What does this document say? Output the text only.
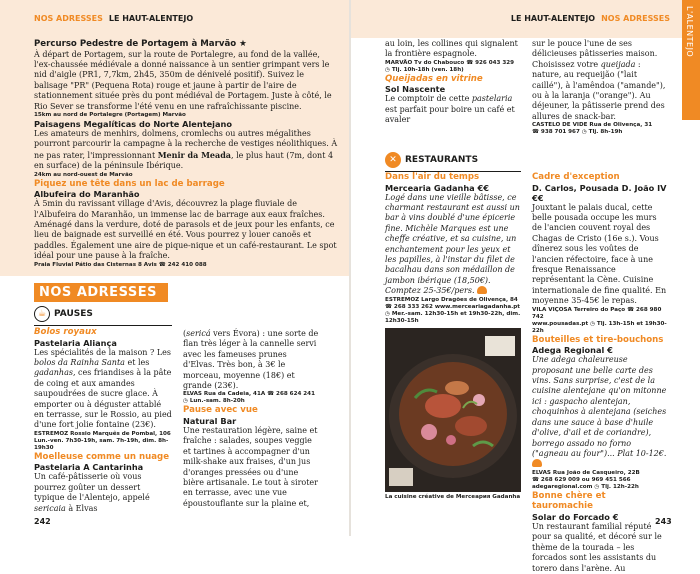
L'ALENTEJO
NOS ADRESSES LE HAUT-ALENTEJO	LE HAUT-ALENTEJO NOS ADRESSES

Percurso Pedestre de Portagem à Marvão ★

À départ de Portagem, sur la route de Portalegre, au fond de la vallée, l'ex-chaussée médiévale a donné naissance à un sentier grimpant vers le nid d'aigle (PR1, 7,7km, 2h45, 350m de dénivelé positif). Suivez le balisage "PR" (Pequena Rota) rouge et jaune à partir de l'aire de stationnement située près du pont médiéval de Portagem. Juste à côté, le Rio Sever se transforme l'été venu en une rafraîchissante piscine.

15km au nord de Portalegre (Portagem) Marvão

Paisagens Megalíticas do Norte Alentejano

Les amateurs de menhirs, dolmens, cromlechs ou autres mégalithes pourront parcourir la campagne à la recherche de vestiges néolithiques. À ne pas rater, l'impressionnant Menir da Meada, le plus haut (7m, dont 4 en surface) de la péninsule Ibérique.

24km au nord-ouest de Marvão

Piquez une tête dans un lac de barrage

Albufeira do Maranhão

À 5min du ravissant village d'Avis, découvrez la plage fluviale de l'Albufeira do Maranhão, un immense lac de barrage aux eaux fraîches. Aménagé dans la verdure, doté de parasols et de jeux pour les enfants, ce lieu de baignade est surveillé en été. Vous pourrez y louer canoës et paddles. Également une aire de pique-nique et un café-restaurant. Le spot idéal pour une pause à la fraîche.

Praia Fluvial Pátio das Cisternas 8 Avis ☎ 242 410 088

NOS ADRESSES
☕ PAUSES

Bolos royaux

Pastelaria Aliança

Les spécialités de la maison ? Les bolos da Rainha Santa et les gadanhas, ces friandises à la pâte de coing et aux amandes saupoudrées de sucre glace. À emporter ou à déguster attablé en terrasse, sur le Rossio, au pied d'une fort jolie fontaine (23€).

ESTREMOZ Rossio Marquês de Pombal, 106

Lun.-ven. 7h30-19h, sam. 7h-19h, dim. 8h-19h30

Moelleuse comme un nuage

Pastelaria A Cantarinha

Un café-pâtisserie où vous pourrez goûter un dessert typique de l'Alentejo, appelé sericaia à Elvas

(sericá vers Évora) : une sorte de flan très léger à la cannelle servi avec les fameuses prunes d'Elvas. Très bon, à 3€ le morceau, moyenne (18€) et grande (23€).

ELVAS Rua da Cadeia, 41A ☎ 268 624 241

◷ Lun.-sam. 8h-20h

Pause avec vue

Natural Bar

Une restauration légère, saine et fraîche : salades, soupes veggie et tartines à accompagner d'un milk-shake aux fraises, d'un jus d'oranges pressées ou d'une bière artisanale. Le tout à siroter en terrasse, avec une vue époustouflante sur la plaine et,

au loin, les collines qui signalent la frontière espagnole.

MARVÃO Tv do Chabouco ☎ 926 043 329

◷ Tlj. 10h-18h (ven. 18h)

Queijadas en vitrine

Sol Nascente

Le comptoir de cette pastelaria est parfait pour boire un café et avaler

sur le pouce l'une de ses délicieuses pâtisseries maison. Choisissez votre queijada : nature, au requeijão ("lait caillé"), à l'amêndoa ("amande"), ou à la laranja ("orange"). Au déjeuner, la pâtisserie prend des allures de snack-bar.

CASTELO DE VIDE Rua de Olivença, 31

☎ 938 701 967 ◷ Tlj. 8h-19h

✕ RESTAURANTS

Dans l'air du temps

Mercearia Gadanha €€

Logé dans une vieille bâtisse, ce charmant restaurant est aussi un bar à vins doublé d'une épicerie fine. Michèle Marques est une cheffe créative, et sa cuisine, un enchantement pour les yeux et les papilles, à l'instar du filet de bacalhau dans son médaillon de jambon ibérique (18,50€). Comptez 25-35€/pers.

ESTREMOZ Largo Dragões de Olivença, 84

☎ 268 333 262 www.merceariagadanha.pt

◷ Mer.-sam. 12h30-15h et 19h30-22h, dim. 12h30-15h

La cuisine créative de Merceария Gadanha

Cadre d'exception

D. Carlos, Pousada D. João IV €€

Jouxtant le palais ducal, cette belle pousada occupe les murs de l'ancien couvent royal des Chagas de Cristo (16e s.). Vous dînerez sous les voûtes de l'ancien réfectoire, face à une fresque Renaissance représentant la Cène. Cuisine internationale de fine qualité. En moyenne 35-45€ le repas.

VILA VIÇOSA Terreiro do Paço ☎ 268 980 742

www.pousadas.pt ◷ Tlj. 13h-15h et 19h30-22h

Bouteilles et tire-bouchons

Adega Regional €

Une adega chaleureuse proposant une belle carte des vins. Sans surprise, c'est de la cuisine alentejane qu'on mitonne ici : gaspacho alentejan, choquinhos à alentejana (seiches dans une sauce à base d'huile d'olive, d'ail et de coriandre), borrego assado no forno ("agneau au four")... Plat 10-12€.

ELVAS Rua João de Casqueiro, 22B

☎ 268 629 009 ou 969 451 566

adegaregional.com ◷ Tlj. 12h-22h

Bonne chère et tauromachie

Solar do Forcado €

Un restaurant familial réputé pour sa qualité, et décoré sur le thème de la tourada – les forcados sont les assistants du torero dans l'arène. Au

242	243
